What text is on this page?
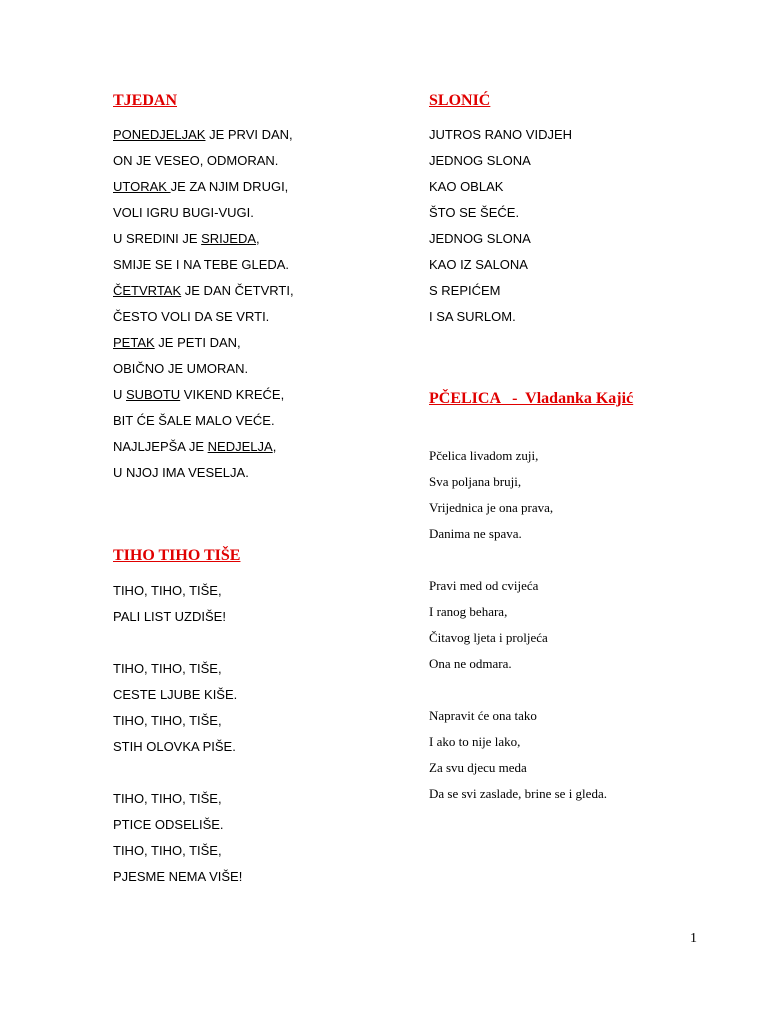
TJEDAN
PONEDJELJAK JE PRVI DAN,
ON JE VESEO, ODMORAN.
UTORAK JE ZA NJIM DRUGI,
VOLI IGRU BUGI-VUGI.
U SREDINI JE SRIJEDA,
SMIJE SE I NA TEBE GLEDA.
ČETVRTAK JE DAN ČETVRTI,
ČESTO VOLI DA SE VRTI.
PETAK JE PETI DAN,
OBIČNO JE UMORAN.
U SUBOTU VIKEND KREĆE,
BIT ĆE ŠALE MALO VEĆE.
NAJLJEPŠA JE NEDJELJA,
U NJOJ IMA VESELJA.
TIHO TIHO TIŠE
TIHO, TIHO, TIŠE,
PALI LIST UZDIŠE!
TIHO, TIHO, TIŠE,
CESTE LJUBE KIŠE.
TIHO, TIHO, TIŠE,
STIH OLOVKA PIŠE.
TIHO, TIHO, TIŠE,
PTICE ODSELIŠE.
TIHO, TIHO, TIŠE,
PJESME NEMA VIŠE!
SLONIĆ
JUTROS RANO VIDJEH
JEDNOG SLONA
KAO OBLAK
ŠTO SE ŠEĆE.
JEDNOG SLONA
KAO IZ SALONA
S REPIĆEM
I SA SURLOM.
PČELICA   -  Vladanka Kajić
Pčelica livadom zuji,
Sva poljana bruji,
Vrijednica je ona prava,
Danima ne spava.
Pravi med od cvijeća
I ranog behara,
Čitavog ljeta i proljeća
Ona ne odmara.
Napravit će ona tako
I ako to nije lako,
Za svu djecu meda
Da se svi zaslade, brine se i gleda.
1
